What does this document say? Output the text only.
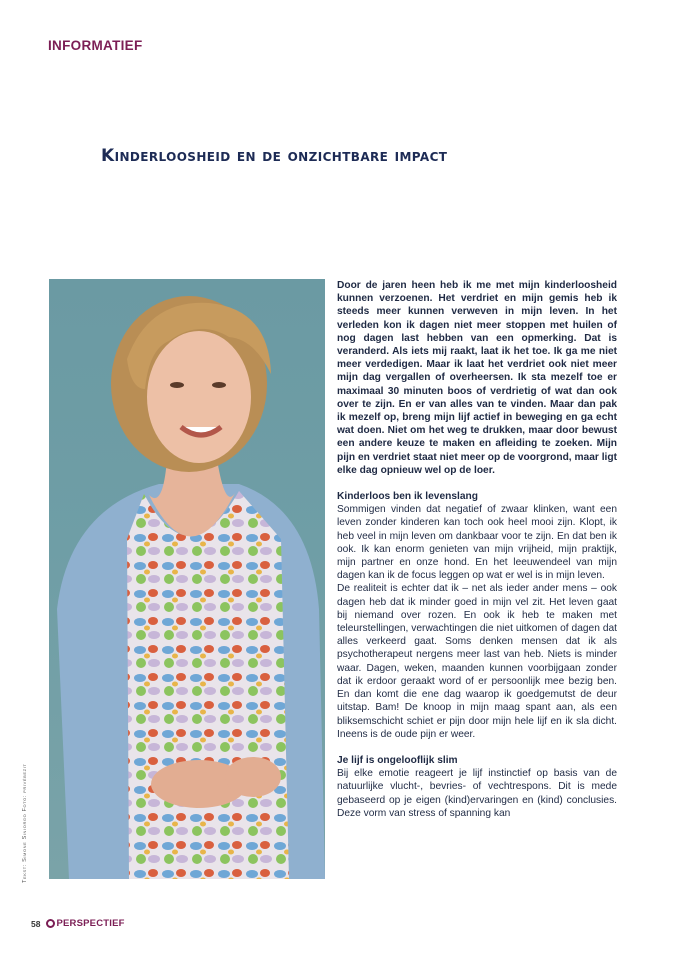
INFORMATIEF
Kinderloosheid en de onzichtbare impact
Tekst: Simone Siniorgo Foto: privébezit

Door de jaren heen heb ik me met mijn kinderloosheid kunnen verzoenen. Het verdriet en mijn gemis heb ik steeds meer kunnen verweven in mijn leven. In het verleden kon ik dagen niet meer stoppen met huilen of nog dagen last hebben van een opmerking. Dat is veranderd. Als iets mij raakt, laat ik het toe. Ik ga me niet meer verdedigen. Maar ik laat het verdriet ook niet meer mijn dag vergallen of overheersen. Ik sta mezelf toe er maximaal 30 minuten boos of verdrietig of wat dan ook over te zijn. En er van alles van te vinden. Maar dan pak ik mezelf op, breng mijn lijf actief in beweging en ga echt wat doen. Niet om het weg te drukken, maar door bewust een andere keuze te maken en afleiding te zoeken. Mijn pijn en verdriet staat niet meer op de voorgrond, maar ligt elke dag opnieuw wel op de loer.

Kinderloos ben ik levenslang

Sommigen vinden dat negatief of zwaar klinken, want een leven zonder kinderen kan toch ook heel mooi zijn. Klopt, ik heb veel in mijn leven om dankbaar voor te zijn. En dat ben ik ook. Ik kan enorm genieten van mijn vrijheid, mijn praktijk, mijn partner en onze hond. En het leeuwendeel van mijn dagen kan ik de focus leggen op wat er wel is in mijn leven.

De realiteit is echter dat ik – net als ieder ander mens – ook dagen heb dat ik minder goed in mijn vel zit. Het leven gaat bij niemand over rozen. En ook ik heb te maken met teleurstellingen, verwachtingen die niet uitkomen of dagen dat alles verkeerd gaat. Soms denken mensen dat ik als psychotherapeut nergens meer last van heb. Niets is minder waar. Dagen, weken, maanden kunnen voorbijgaan zonder dat ik erdoor geraakt word of er persoonlijk mee bezig ben. En dan komt die ene dag waarop ik goedgemutst de deur uitstap. Bam! De knoop in mijn maag spant aan, als een bliksemschicht schiet er pijn door mijn hele lijf en ik sla dicht. Ineens is de oude pijn er weer.

Je lijf is ongelooflijk slim

Bij elke emotie reageert je lijf instinctief op basis van de natuurlijke vlucht-, bevries- of vechtrespons. Dit is mede gebaseerd op je eigen (kind)ervaringen en (kind) conclusies. Deze vorm van stress of spanning kan

58 PERSPECTIEF
